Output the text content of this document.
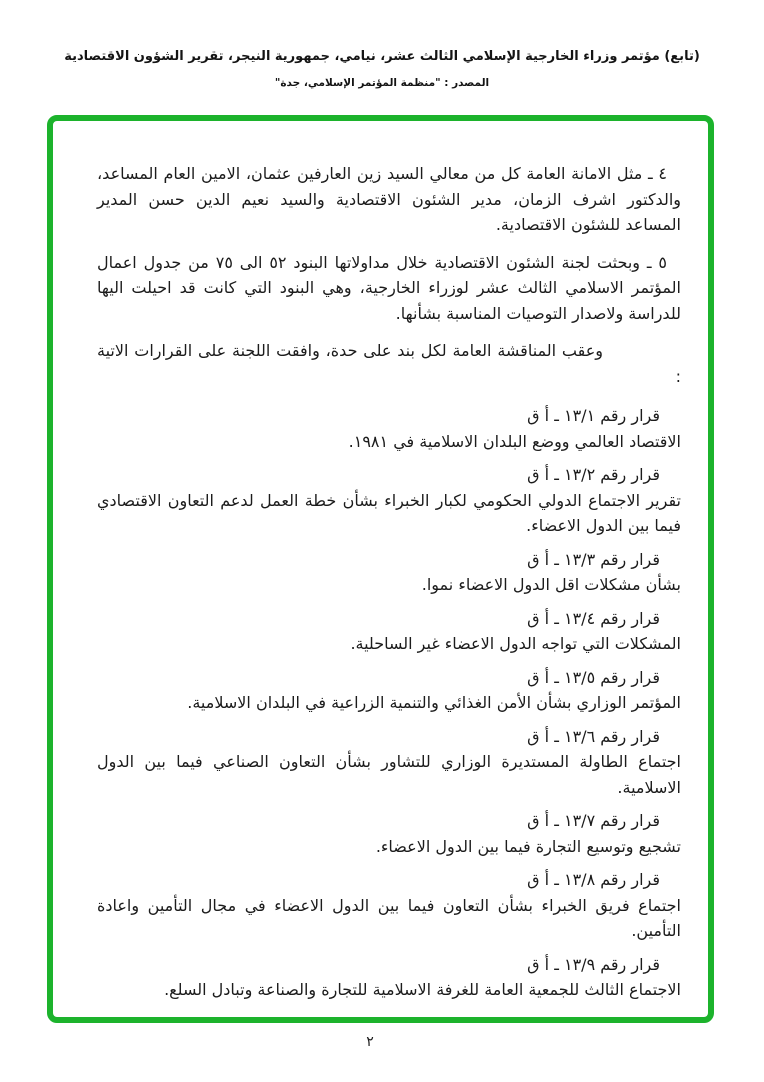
(تابع) مؤتمر وزراء الخارجية الإسلامي الثالث عشر، نيامي، جمهورية النيجر، تقرير الشؤون الاقتصادية
المصدر : "منظمة المؤتمر الإسلامي، جدة"

٤ ـ مثل الامانة العامة كل من معالي السيد زين العارفين عثمان، الامين العام المساعد، والدكتور اشرف الزمان، مدير الشئون الاقتصادية والسيد نعيم الدين حسن المدير المساعد للشئون الاقتصادية.

٥ ـ وبحثت لجنة الشئون الاقتصادية خلال مداولاتها البنود ٥٢ الى ٧٥ من جدول اعمال المؤتمر الاسلامي الثالث عشر لوزراء الخارجية، وهي البنود التي كانت قد احيلت اليها للدراسة ولاصدار التوصيات المناسبة بشأنها.

وعقب المناقشة العامة لكل بند على حدة، وافقت اللجنة على القرارات الاتية :

قرار رقم ١٣/١ ـ أ ق
الاقتصاد العالمي ووضع البلدان الاسلامية في ١٩٨١.
قرار رقم ١٣/٢ ـ أ ق
تقرير الاجتماع الدولي الحكومي لكبار الخبراء بشأن خطة العمل لدعم التعاون الاقتصادي فيما بين الدول الاعضاء.
قرار رقم ١٣/٣ ـ أ ق
بشأن مشكلات اقل الدول الاعضاء نموا.
قرار رقم ١٣/٤ ـ أ ق
المشكلات التي تواجه الدول الاعضاء غير الساحلية.
قرار رقم ١٣/٥ ـ أ ق
المؤتمر الوزاري بشأن الأمن الغذائي والتنمية الزراعية في البلدان الاسلامية.
قرار رقم ١٣/٦ ـ أ ق
اجتماع الطاولة المستديرة الوزاري للتشاور بشأن التعاون الصناعي فيما بين الدول الاسلامية.
قرار رقم ١٣/٧ ـ أ ق
تشجيع وتوسيع التجارة فيما بين الدول الاعضاء.
قرار رقم ١٣/٨ ـ أ ق
اجتماع فريق الخبراء بشأن التعاون فيما بين الدول الاعضاء في مجال التأمين واعادة التأمين.
قرار رقم ١٣/٩ ـ أ ق
الاجتماع الثالث للجمعية العامة للغرفة الاسلامية للتجارة والصناعة وتبادل السلع.
٢
